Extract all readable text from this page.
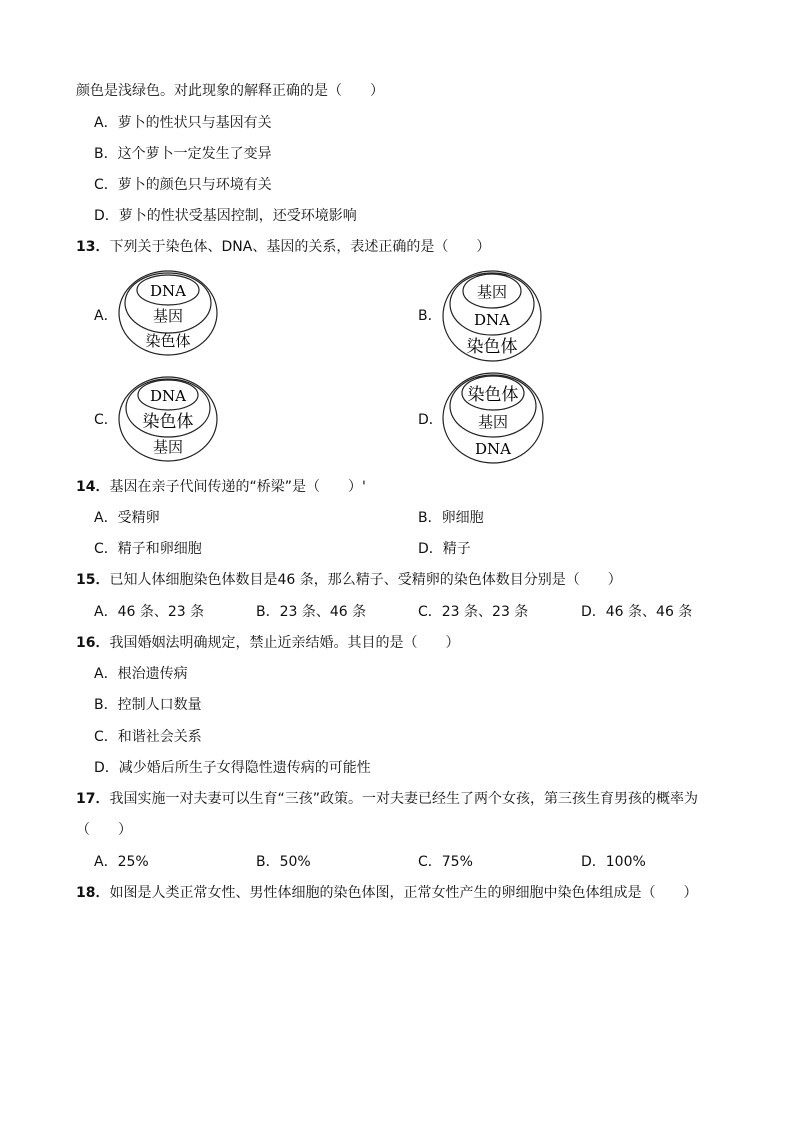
颜色是浅绿色。对此现象的解释正确的是（　　）
A．萝卜的性状只与基因有关
B．这个萝卜一定发生了变异
C．萝卜的颜色只与环境有关
D．萝卜的性状受基因控制，还受环境影响
13．下列关于染色体、DNA、基因的关系，表述正确的是（　　）
A．
DNA
基因
染色体
B．
基因
DNA
染色体
C．
DNA
染色体
基因
D．
染色体
基因
DNA
14．基因在亲子代间传递的“桥梁”是（　　）'
A．受精卵	B．卵细胞
C．精子和卵细胞	D．精子
15．已知人体细胞染色体数目是46 条，那么精子、受精卵的染色体数目分别是（　　）
A．46 条、23 条	B．23 条、46 条	C．23 条、23 条	D．46 条、46 条
16．我国婚姻法明确规定，禁止近亲结婚。其目的是（　　）
A．根治遗传病
B．控制人口数量
C．和谐社会关系
D．减少婚后所生子女得隐性遗传病的可能性
17．我国实施一对夫妻可以生育“三孩”政策。一对夫妻已经生了两个女孩，第三孩生育男孩的概率为
（　　）
A．25%	B．50%	C．75%	D．100%
18．如图是人类正常女性、男性体细胞的染色体图，正常女性产生的卵细胞中染色体组成是（　　）
